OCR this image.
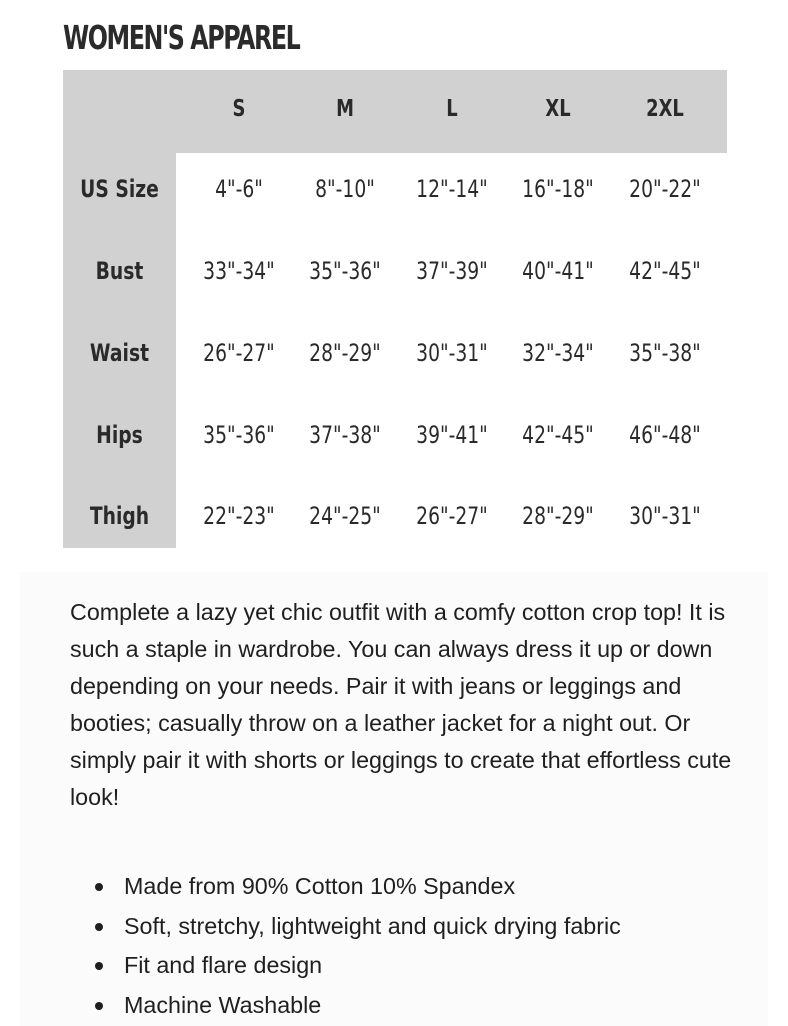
WOMEN'S APPAREL
S	M	L	XL	2XL
US Size	4"-6"	8"-10"	12"-14" 16"-18" 20"-22"
Bust	33"-34" 35"-36" 37"-39" 40"-41" 42"-45"
Waist	26"-27" 28"-29" 30"-31" 32"-34" 35"-38"
Hips	35"-36" 37"-38" 39"-41" 42"-45" 46"-48"
Thigh	22"-23" 24"-25" 26"-27" 28"-29" 30"-31"

Complete a lazy yet chic outfit with a comfy cotton crop top! It is such a staple in wardrobe. You can always dress it up or down depending on your needs. Pair it with jeans or leggings and booties; casually throw on a leather jacket for a night out. Or simply pair it with shorts or leggings to create that effortless cute look!

Made from 90% Cotton 10% Spandex
Soft, stretchy, lightweight and quick drying fabric
Fit and flare design
Machine Washable
